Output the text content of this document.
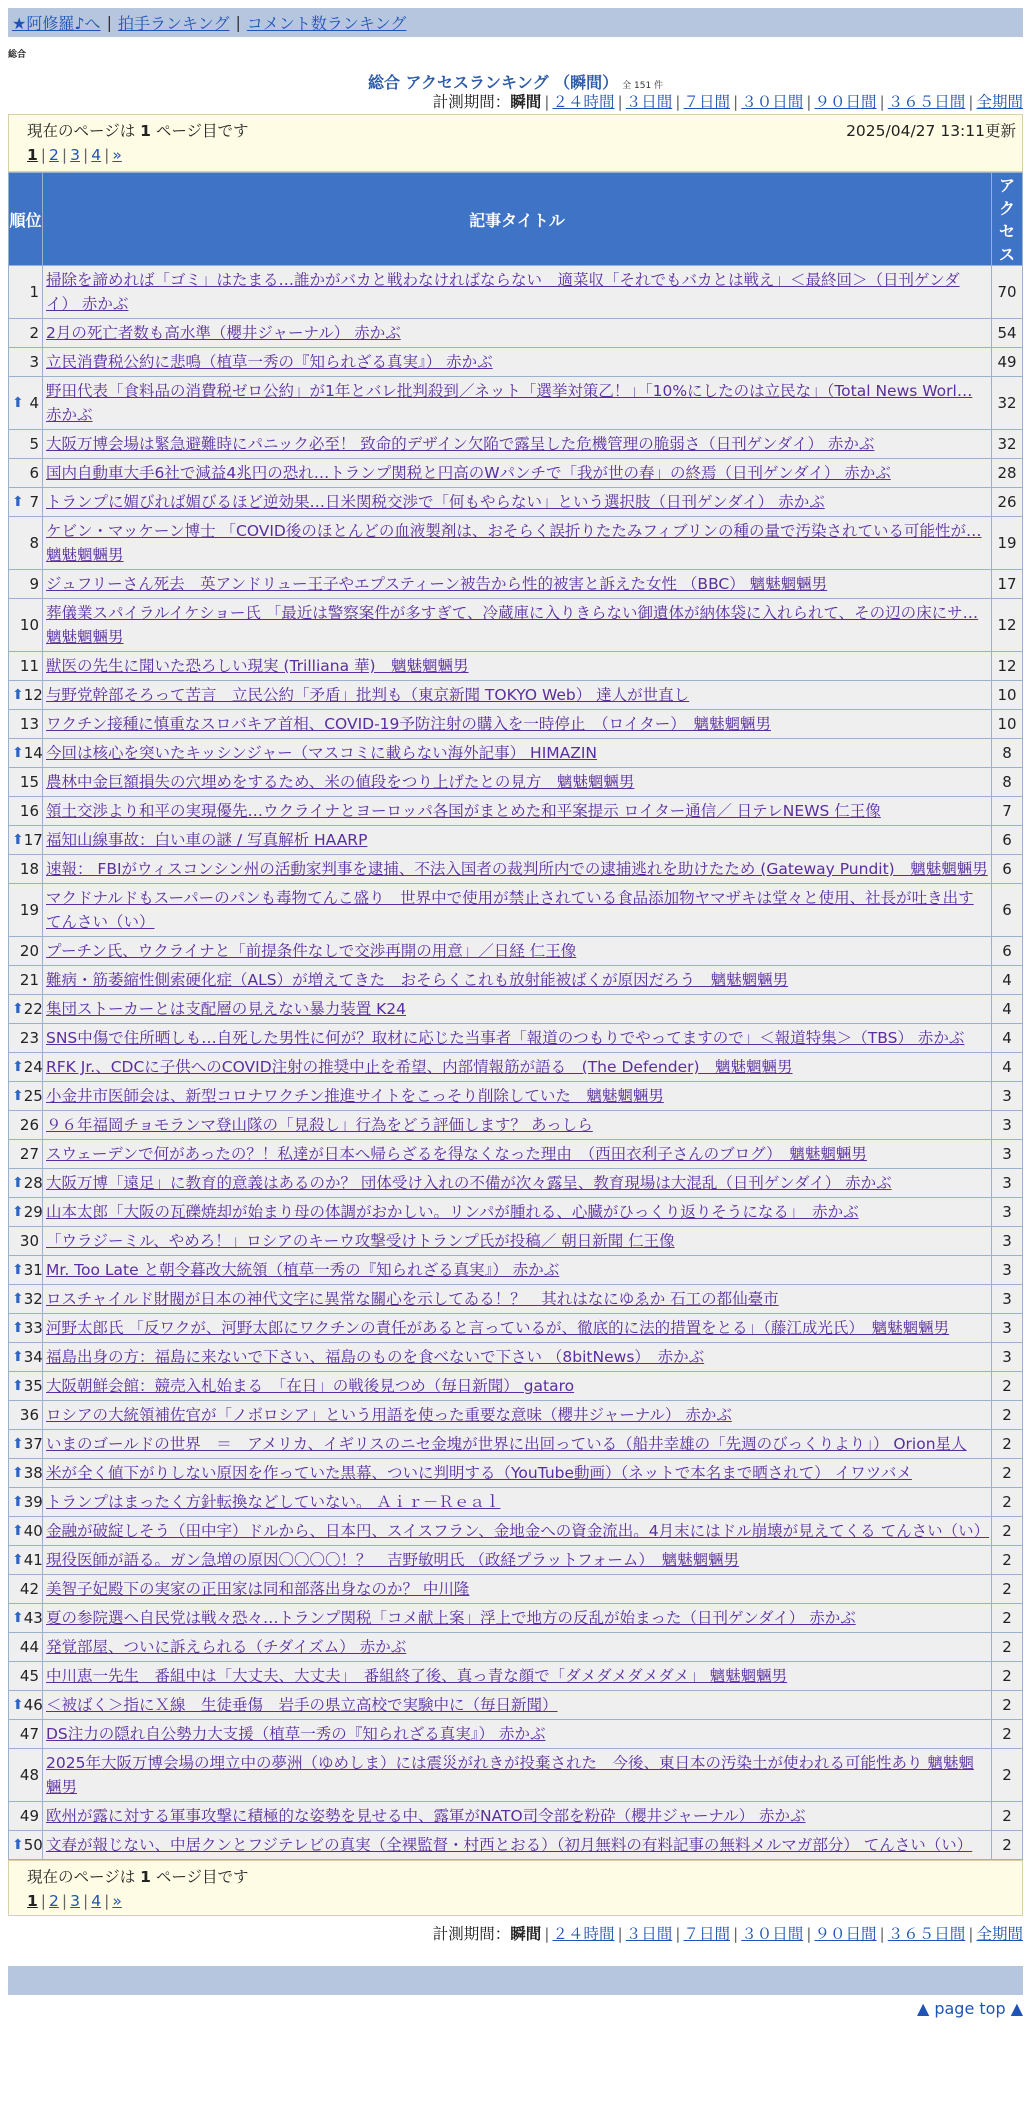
★阿修羅♪へ | 拍手ランキング | コメント数ランキング
総合
総合 アクセスランキング （瞬間） 全 151 件
計測期間：瞬間 | ２４時間 | ３日間 | ７日間 | ３０日間 | ９０日間 | ３６５日間 | 全期間
現在のページは 1 ページ目です	2025/04/27 13:11更新
1 | 2 | 3 | 4 | »
順位	記事タイトル	アクセス

1	掃除を諦めれば「ゴミ」はたまる…誰かがバカと戦わなければならない　適菜収「それでもバカとは戦え」＜最終回＞（日刊ゲンダイ） 赤かぶ	70

2	2月の死亡者数も高水準（櫻井ジャーナル） 赤かぶ	54

3	立民消費税公約に悲鳴（植草一秀の『知られざる真実』） 赤かぶ	49

⬆ 4	野田代表「食料品の消費税ゼロ公約」が1年とバレ批判殺到／ネット「選挙対策乙！」「10%にしたのは立民な」（Total News Worl… 赤かぶ	32

5	大阪万博会場は緊急避難時にパニック必至！ 致命的デザイン欠陥で露呈した危機管理の脆弱さ（日刊ゲンダイ） 赤かぶ	32

6	国内自動車大手6社で減益4兆円の恐れ…トランプ関税と円高のWパンチで「我が世の春」の終焉（日刊ゲンダイ） 赤かぶ	28

⬆ 7	トランプに媚びれば媚びるほど逆効果…日米関税交渉で「何もやらない」という選択肢（日刊ゲンダイ） 赤かぶ	26

8	ケビン・マッケーン博士 「COVID後のほとんどの血液製剤は、おそらく誤折りたたみフィブリンの種の量で汚染されている可能性が… 魑魅魍魎男	19

9	ジュフリーさん死去　英アンドリュー王子やエプスティーン被告から性的被害と訴えた女性 （BBC） 魑魅魍魎男	17

10	葬儀業スパイラルイケショー氏 「最近は警察案件が多すぎて、冷蔵庫に入りきらない御遺体が納体袋に入れられて、その辺の床にサ… 魑魅魍魎男	12

11	獣医の先生に聞いた恐ろしい現実 (Trilliana 華)　魑魅魍魎男	12

⬆ 12	与野党幹部そろって苦言　立民公約「矛盾」批判も（東京新聞 TOKYO Web） 達人が世直し	10

13	ワクチン接種に慎重なスロバキア首相、COVID-19予防注射の購入を一時停止　（ロイター）　魑魅魍魎男	10

⬆ 14	今回は核心を突いたキッシンジャー（マスコミに載らない海外記事） HIMAZIN	8

15	農林中金巨額損失の穴埋めをするため、米の値段をつり上げたとの見方　魑魅魍魎男	8

16	領土交渉より和平の実現優先…ウクライナとヨーロッパ各国がまとめた和平案提示 ロイター通信／ 日テレNEWS 仁王像	7

⬆ 17	福知山線事故：白い車の謎 / 写真解析 HAARP	6

18	速報： FBIがウィスコンシン州の活動家判事を逮捕、不法入国者の裁判所内での逮捕逃れを助けたため (Gateway Pundit)　魑魅魍魎男	6

19	マクドナルドもスーパーのパンも毒物てんこ盛り　世界中で使用が禁止されている食品添加物ヤマザキは堂々と使用、社長が吐き出す てんさい（い）	6

20	プーチン氏、ウクライナと「前提条件なしで交渉再開の用意」／日経 仁王像	6

21	難病・筋萎縮性側索硬化症（ALS）が増えてきた　おそらくこれも放射能被ばくが原因だろう　魑魅魍魎男	4

⬆ 22	集団ストーカーとは支配層の見えない暴力装置 K24	4

23	SNS中傷で住所晒しも…自死した男性に何が？取材に応じた当事者「報道のつもりでやってますので」＜報道特集＞（TBS） 赤かぶ	4

⬆ 24	RFK Jr.、CDCに子供へのCOVID注射の推奨中止を希望、内部情報筋が語る　(The Defender)　魑魅魍魎男	4

⬆ 25	小金井市医師会は、新型コロナワクチン推進サイトをこっそり削除していた　魑魅魍魎男	3

26	９６年福岡チョモランマ登山隊の「見殺し」行為をどう評価します？ あっしら	3

27	スウェーデンで何があったの？！私達が日本へ帰らざるを得なくなった理由　（西田衣利子さんのブログ）　魑魅魍魎男	3

⬆ 28	大阪万博「遠足」に教育的意義はあるのか？ 団体受け入れの不備が次々露呈、教育現場は大混乱（日刊ゲンダイ） 赤かぶ	3

⬆ 29	山本太郎「大阪の瓦礫焼却が始まり母の体調がおかしい。リンパが腫れる、心臓がひっくり返りそうになる」　赤かぶ	3

30	「ウラジーミル、やめろ！」ロシアのキーウ攻撃受けトランプ氏が投稿／ 朝日新聞 仁王像	3

⬆ 31	Mr. Too Late と朝令暮改大統領（植草一秀の『知られざる真実』） 赤かぶ	3

⬆ 32	ロスチャイルド財閥が日本の神代文字に異常な關心を示してゐる！？　其れはなにゆゑか 石工の都仙臺市	3

⬆ 33	河野太郎氏 「反ワクが、河野太郎にワクチンの責任があると言っているが、徹底的に法的措置をとる」（藤江成光氏）　魑魅魍魎男	3

⬆ 34	福島出身の方：福島に来ないで下さい、福島のものを食べないで下さい （8bitNews）　赤かぶ	3

⬆ 35	大阪朝鮮会館：競売入札始まる　「在日」の戦後見つめ（毎日新聞） gataro	2

36	ロシアの大統領補佐官が「ノボロシア」という用語を使った重要な意味（櫻井ジャーナル） 赤かぶ	2

⬆ 37	いまのゴールドの世界　＝　アメリカ、イギリスのニセ金塊が世界に出回っている（船井幸雄の「先週のびっくりより」） Orion星人	2

⬆ 38	米が全く値下がりしない原因を作っていた黒幕、ついに判明する（YouTube動画）（ネットで本名まで晒されて） イワツバメ	2

⬆ 39	トランプはまったく方針転換などしていない。 Ａｉｒ－Ｒｅａｌ	2

⬆ 40	金融が破綻しそう（田中宇）ドルから、日本円、スイスフラン、金地金への資金流出。4月末にはドル崩壊が見えてくる てんさい（い）	2

⬆ 41	現役医師が語る。ガン急増の原因〇〇〇〇！？　吉野敏明氏 （政経プラットフォーム）　魑魅魍魎男	2

42	美智子妃殿下の実家の正田家は同和部落出身なのか？ 中川隆	2

⬆ 43	夏の参院選へ自民党は戦々恐々…トランプ関税「コメ献上案」浮上で地方の反乱が始まった（日刊ゲンダイ） 赤かぶ	2

44	発覚部屋、ついに訴えられる（チダイズム） 赤かぶ	2

45	中川恵一先生　番組中は「大丈夫、大丈夫」　番組終了後、真っ青な顔で「ダメダメダメダメ」 魑魅魍魎男	2

⬆ 46	＜被ばく＞指にＸ線　生徒垂傷　岩手の県立高校で実験中に（毎日新聞）	2

47	DS注力の隠れ自公勢力大支援（植草一秀の『知られざる真実』） 赤かぶ	2

48	2025年大阪万博会場の埋立中の夢洲（ゆめしま）には震災がれきが投棄された　今後、東日本の汚染土が使われる可能性あり 魑魅魍魎男	2

49	欧州が露に対する軍事攻撃に積極的な姿勢を見せる中、露軍がNATO司令部を粉砕（櫻井ジャーナル） 赤かぶ	2

⬆ 50	文春が報じない、中居クンとフジテレビの真実（全裸監督・村西とおる）（初月無料の有料記事の無料メルマガ部分） てんさい（い）	2
現在のページは 1 ページ目です
1 | 2 | 3 | 4 | »
計測期間：瞬間 | ２４時間 | ３日間 | ７日間 | ３０日間 | ９０日間 | ３６５日間 | 全期間
▲ page top ▲
